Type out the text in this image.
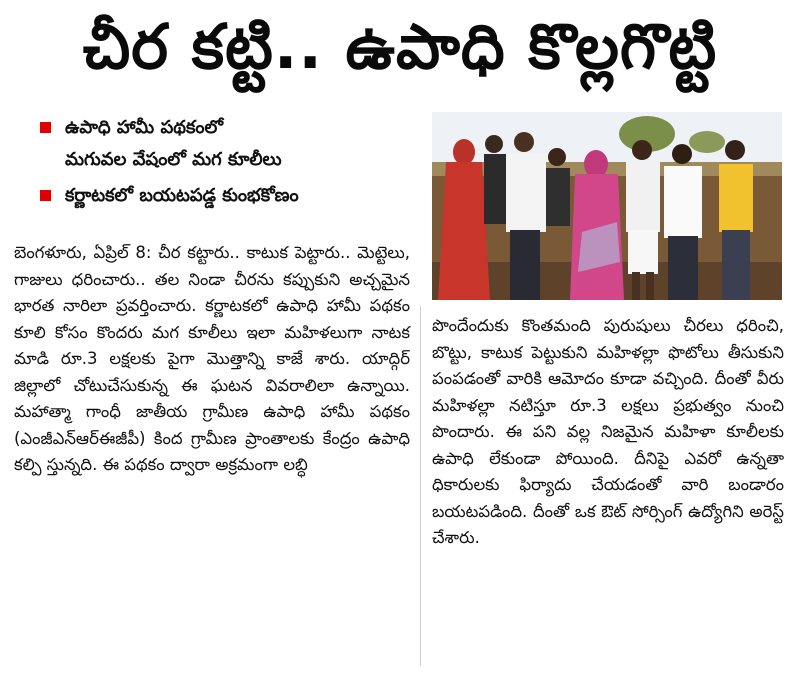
చీర కట్టి.. ఉపాధి కొల్లగొట్టి
ఉపాధి హామీ పథకంలో
మగువల వేషంలో మగ కూలీలు
కర్ణాటకలో బయటపడ్డ కుంభకోణం

బెంగళూరు, ఏప్రిల్ 8: చీర కట్టారు.. కాటుక పెట్టారు.. మెట్టెలు, గాజులు ధరించారు.. తల నిండా చీరను కప్పుకుని అచ్చమైన భారత నారిలా ప్రవర్తించారు. కర్ణాటకలో ఉపాధి హామీ పథకం కూలి కోసం కొందరు మగ కూలీలు ఇలా మహిళలుగా నాటక మాడి రూ.3 లక్షలకు పైగా మొత్తాన్ని కాజే శారు. యాద్గిర్ జిల్లాలో చోటుచేసుకున్న ఈ ఘటన వివరాలిలా ఉన్నాయి. మహాత్మా గాంధీ జాతీయ గ్రామీణ ఉపాధి హామీ పథకం (ఎంజీఎన్ఆర్ఈజీపీ) కింద గ్రామీణ ప్రాంతాలకు కేంద్రం ఉపాధి కల్పి స్తున్నది. ఈ పథకం ద్వారా అక్రమంగా లబ్ధి

పొందేందుకు కొంతమంది పురుషులు చీరలు ధరించి, బొట్టు, కాటుక పెట్టుకుని మహిళల్లా ఫొటోలు తీసుకుని పంపడంతో వారికి ఆమోదం కూడా వచ్చింది. దీంతో వీరు మహిళల్లా నటిస్తూ రూ.3 లక్షలు ప్రభుత్వం నుంచి పొందారు. ఈ పని వల్ల నిజమైన మహిళా కూలీలకు ఉపాధి లేకుండా పోయింది. దీనిపై ఎవరో ఉన్నతా ధికారులకు ఫిర్యాదు చేయడంతో వారి బండారం బయటపడింది. దీంతో ఒక ఔట్ సోర్సింగ్ ఉద్యోగిని అరెస్ట్ చేశారు.
